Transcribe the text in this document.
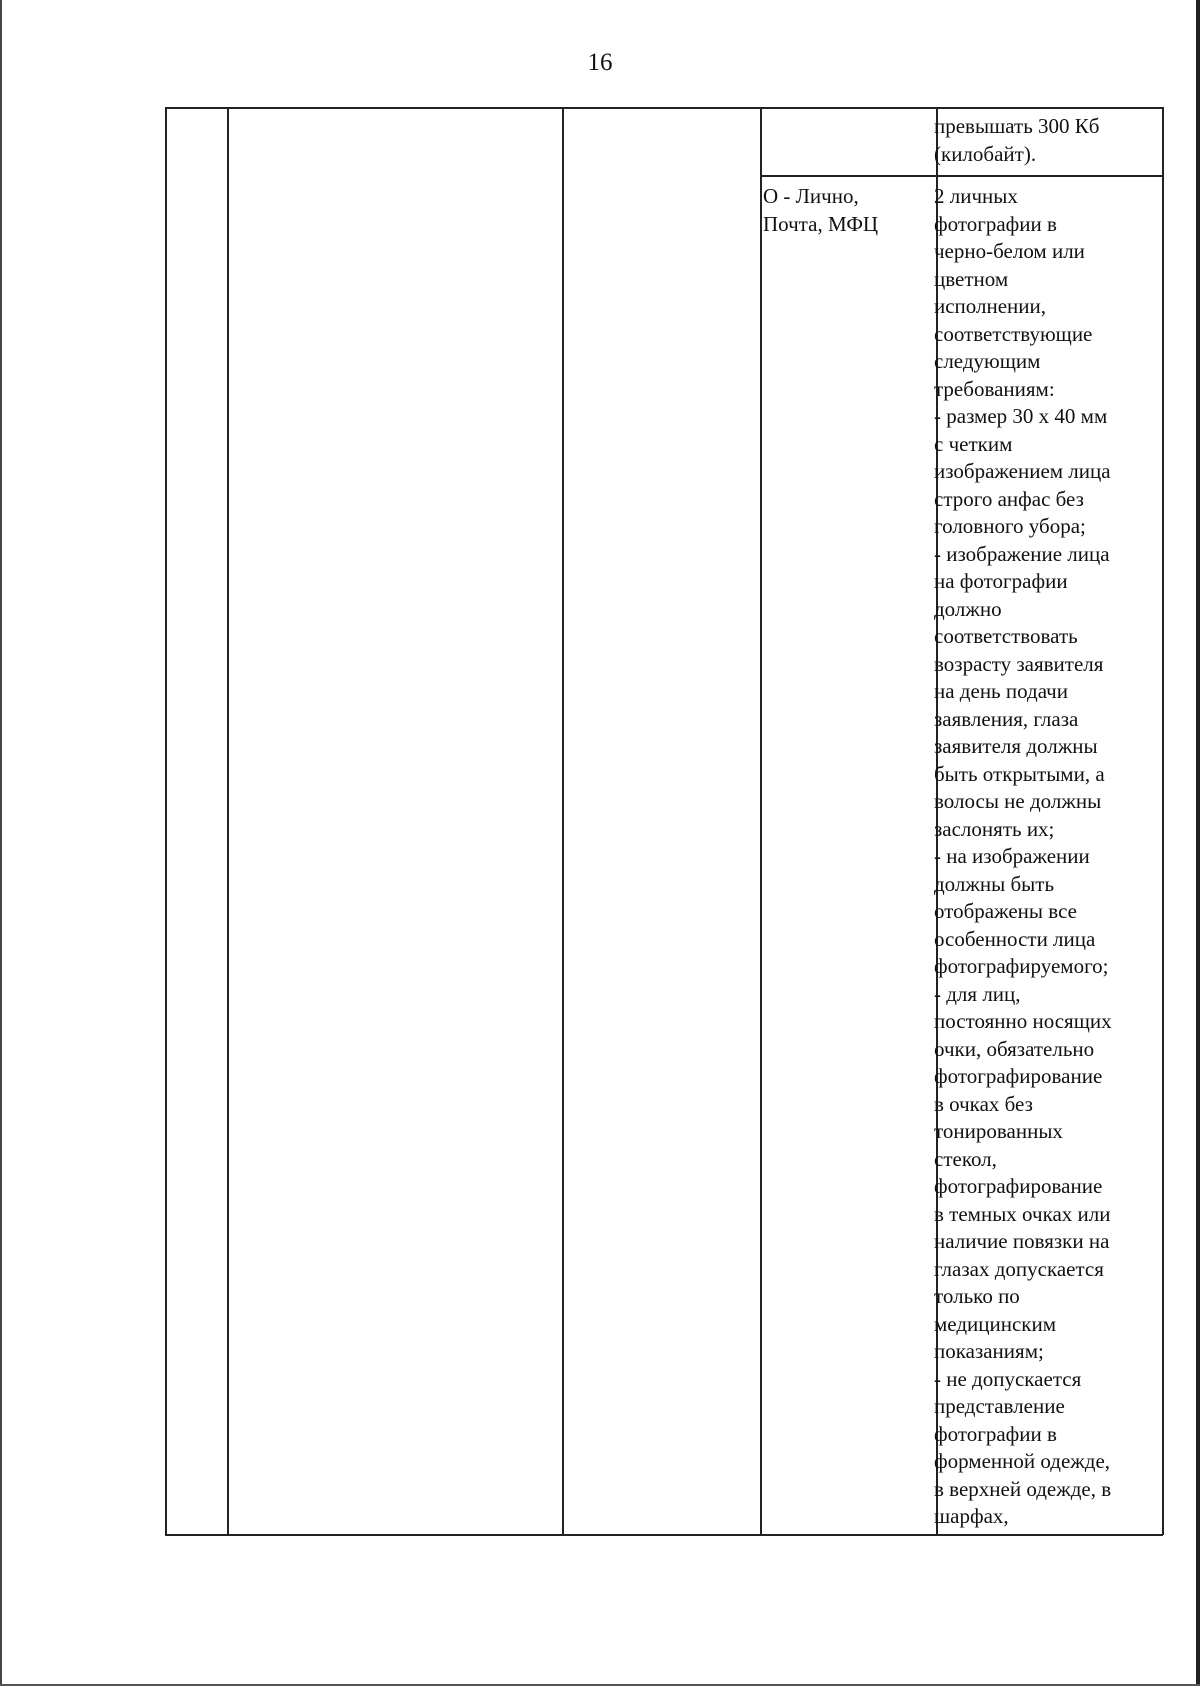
16
превышать 300 Кб
(килобайт).
О - Лично,
Почта, МФЦ
2 личных
фотографии в
черно-белом или
цветном
исполнении,
соответствующие
следующим
требованиям:
- размер 30 х 40 мм
с четким
изображением лица
строго анфас без
головного убора;
- изображение лица
на фотографии
должно
соответствовать
возрасту заявителя
на день подачи
заявления, глаза
заявителя должны
быть открытыми, а
волосы не должны
заслонять их;
- на изображении
должны быть
отображены все
особенности лица
фотографируемого;
- для лиц,
постоянно носящих
очки, обязательно
фотографирование
в очках без
тонированных
стекол,
фотографирование
в темных очках или
наличие повязки на
глазах допускается
только по
медицинским
показаниям;
- не допускается
представление
фотографии в
форменной одежде,
в верхней одежде, в
шарфах,
